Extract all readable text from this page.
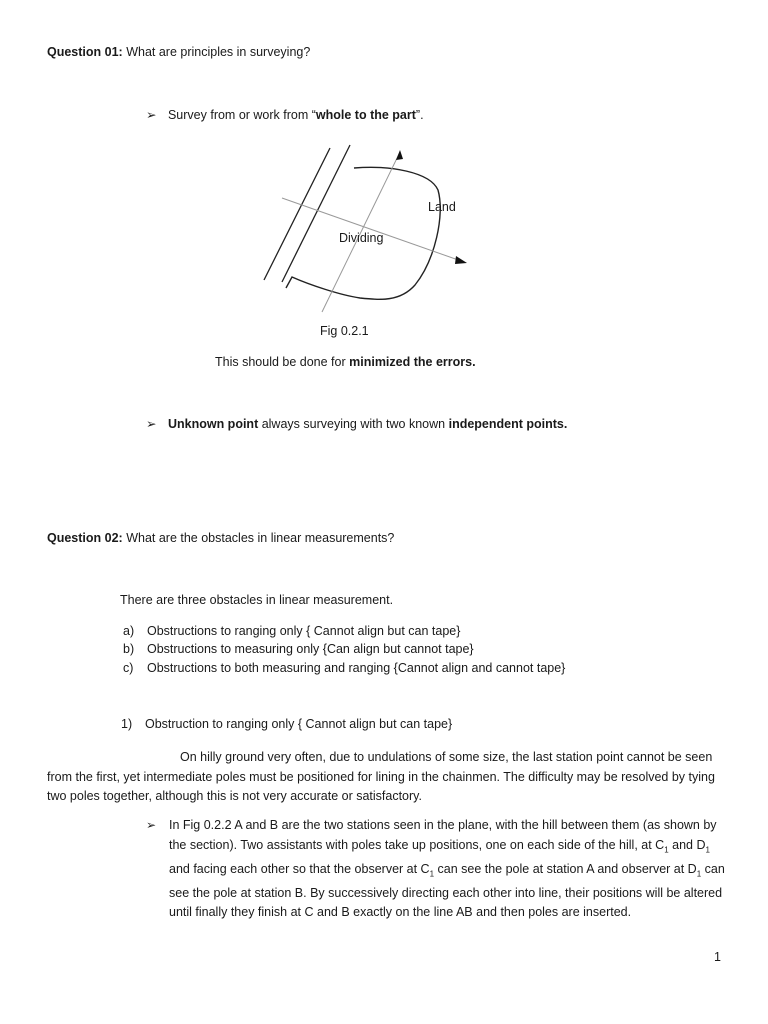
Question 01: What are principles in surveying?
➢ Survey from or work from “whole to the part”.
Land
Dividing
Fig 0.2.1
This should be done for minimized the errors.
➢ Unknown point always surveying with two known independent points.
Question 02: What are the obstacles in linear measurements?
There are three obstacles in linear measurement.
a) Obstructions to ranging only { Cannot align but can tape}
b) Obstructions to measuring only {Can align but cannot tape}
c) Obstructions to both measuring and ranging {Cannot align and cannot tape}
1) Obstruction to ranging only { Cannot align but can tape}
On hilly ground very often, due to undulations of some size, the last station point cannot be seen from the first, yet intermediate poles must be positioned for lining in the chainmen. The difficulty may be resolved by tying two poles together, although this is not very accurate or satisfactory.
➢ In Fig 0.2.2 A and B are the two stations seen in the plane, with the hill between them (as shown by the section). Two assistants with poles take up positions, one on each side of the hill, at $C_1$ and $D_1$ and facing each other so that the observer at $C_1$ can see the pole at station A and observer at $D_1$ can see the pole at station B. By successively directing each other into line, their positions will be altered until finally they finish at C and B exactly on the line AB and then poles are inserted.
1
